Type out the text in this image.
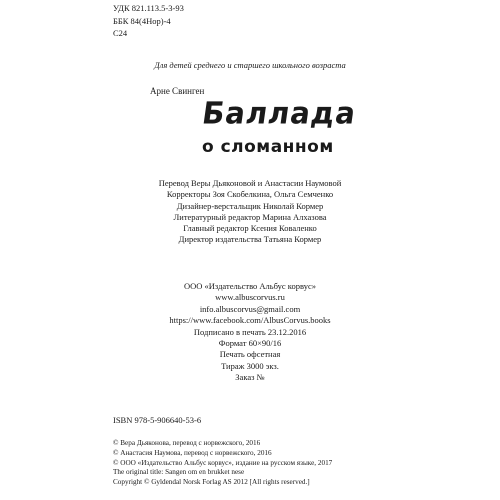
УДК 821.113.5-3-93
ББК 84(4Нор)-4
С24
Для детей среднего и старшего школьного возраста
Арне Свинген
Баллада
о сломанном
Перевод Веры Дьяконовой и Анастасии Наумовой
Корректоры Зоя Скобелкина, Ольга Семченко
Дизайнер-верстальщик Николай Кормер
Литературный редактор Марина Алхазова
Главный редактор Ксения Коваленко
Директор издательства Татьяна Кормер
ООО «Издательство Альбус корвус»
www.albuscorvus.ru
info.albuscorvus@gmail.com
https://www.facebook.com/AlbusCorvus.books
Подписано в печать 23.12.2016
Формат 60×90/16
Печать офсетная
Тираж 3000 экз.
Заказ №
ISBN 978-5-906640-53-6
© Вера Дьяконова, перевод с норвежского, 2016
© Анастасия Наумова, перевод с норвежского, 2016
© ООО «Издательство Альбус корвус», издание на русском языке, 2017
The original title: Sangen om en brukket nese
Copyright © Gyldendal Norsk Forlag AS 2012 [All rights reserved.]
